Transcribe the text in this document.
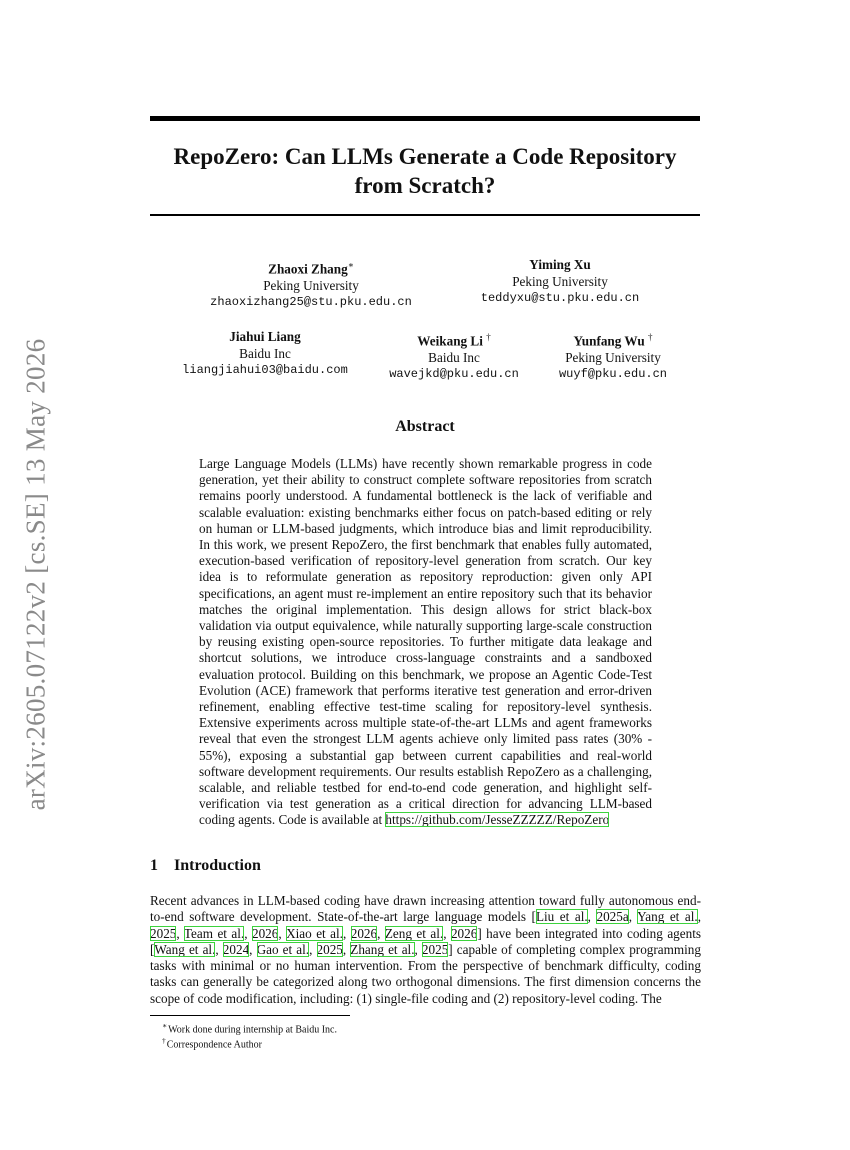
arXiv:2605.07122v2 [cs.SE] 13 May 2026
RepoZero: Can LLMs Generate a Code Repository
from Scratch?
Zhaoxi Zhang∗
Peking University
zhaoxizhang25@stu.pku.edu.cn
Yiming Xu
Peking University
teddyxu@stu.pku.edu.cn
Jiahui Liang
Baidu Inc
liangjiahui03@baidu.com
Weikang Li †
Baidu Inc
wavejkd@pku.edu.cn
Yunfang Wu †
Peking University
wuyf@pku.edu.cn
Abstract
Large Language Models (LLMs) have recently shown remarkable progress in code generation, yet their ability to construct complete software repositories from scratch remains poorly understood. A fundamental bottleneck is the lack of verifiable and scalable evaluation: existing benchmarks either focus on patch-based editing or rely on human or LLM-based judgments, which introduce bias and limit reproducibility. In this work, we present RepoZero, the first benchmark that enables fully automated, execution-based verification of repository-level generation from scratch. Our key idea is to reformulate generation as repository reproduction: given only API specifications, an agent must re-implement an entire repository such that its behavior matches the original implementation. This design allows for strict black-box validation via output equivalence, while naturally supporting large-scale construction by reusing existing open-source repositories. To further mitigate data leakage and shortcut solutions, we introduce cross-language constraints and a sandboxed evaluation protocol. Building on this benchmark, we propose an Agentic Code-Test Evolution (ACE) framework that performs iterative test generation and error-driven refinement, enabling effective test-time scaling for repository-level synthesis. Extensive experiments across multiple state-of-the-art LLMs and agent frameworks reveal that even the strongest LLM agents achieve only limited pass rates (30% - 55%), exposing a substantial gap between current capabilities and real-world software development requirements. Our results establish RepoZero as a challenging, scalable, and reliable testbed for end-to-end code generation, and highlight self-verification via test generation as a critical direction for advancing LLM-based coding agents. Code is available at https://github.com/JesseZZZZZ/RepoZero
1 Introduction
Recent advances in LLM-based coding have drawn increasing attention toward fully autonomous end-to-end software development. State-of-the-art large language models [Liu et al., 2025a, Yang et al., 2025, Team et al., 2026, Xiao et al., 2026, Zeng et al., 2026] have been integrated into coding agents [Wang et al., 2024, Gao et al., 2025, Zhang et al., 2025] capable of completing complex programming tasks with minimal or no human intervention. From the perspective of benchmark difficulty, coding tasks can generally be categorized along two orthogonal dimensions. The first dimension concerns the scope of code modification, including: (1) single-file coding and (2) repository-level coding. The
∗Work done during internship at Baidu Inc.
†Correspondence Author
